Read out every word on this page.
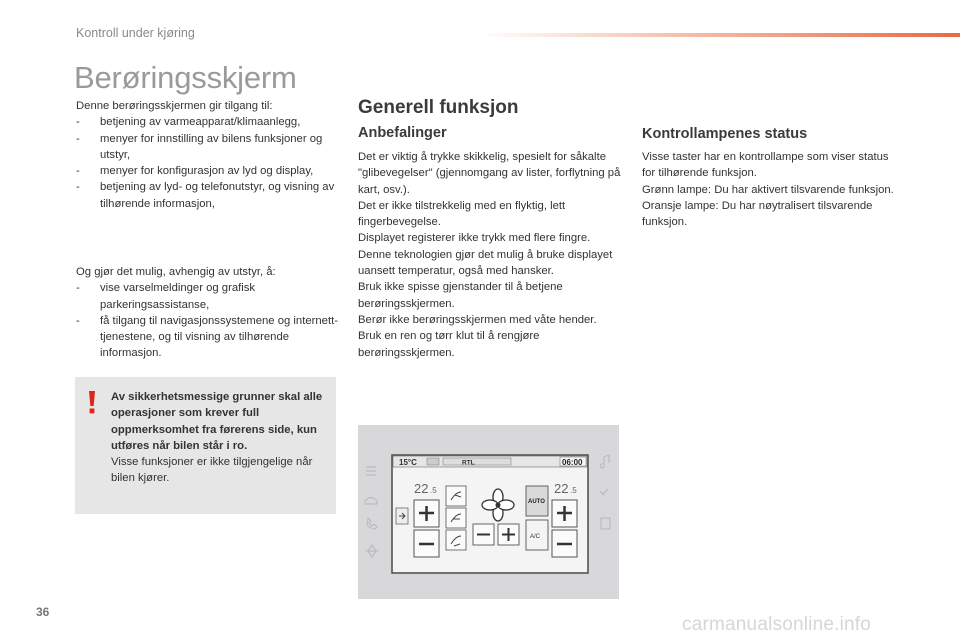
Kontroll under kjøring
Berøringsskjerm
Denne berøringsskjermen gir tilgang til:
- betjening av varmeapparat/klimaanlegg,
- menyer for innstilling av bilens funksjoner og utstyr,
- menyer for konfigurasjon av lyd og display,
- betjening av lyd- og telefonutstyr, og visning av tilhørende informasjon,
Og gjør det mulig, avhengig av utstyr, å:
- vise varselmeldinger og grafisk parkeringsassistanse,
- få tilgang til navigasjonssystemene og internett-tjenestene, og til visning av tilhørende informasjon.
Av sikkerhetsmessige grunner skal alle operasjoner som krever full oppmerksomhet fra førerens side, kun utføres når bilen står i ro.
Visse funksjoner er ikke tilgjengelige når bilen kjører.
Generell funksjon
Anbefalinger
Det er viktig å trykke skikkelig, spesielt for såkalte "glibevegelser" (gjennomgang av lister, forflytning på kart, osv.).
Det er ikke tilstrekkelig med en flyktig, lett fingerbevegelse.
Displayet registerer ikke trykk med flere fingre.
Denne teknologien gjør det mulig å bruke displayet uansett temperatur, også med hansker.
Bruk ikke spisse gjenstander til å betjene berøringsskjermen.
Berør ikke berøringsskjermen med våte hender.
Bruk en ren og tørr klut til å rengjøre berøringsskjermen.
Kontrollampenes status
Visse taster har en kontrollampe som viser status for tilhørende funksjon.
Grønn lampe: Du har aktivert tilsvarende funksjon.
Oransje lampe: Du har nøytralisert tilsvarende funksjon.
15°C	RTL	06:00
22 .5
AUTO
A/C
22 .5
36
carmanualsonline.info
